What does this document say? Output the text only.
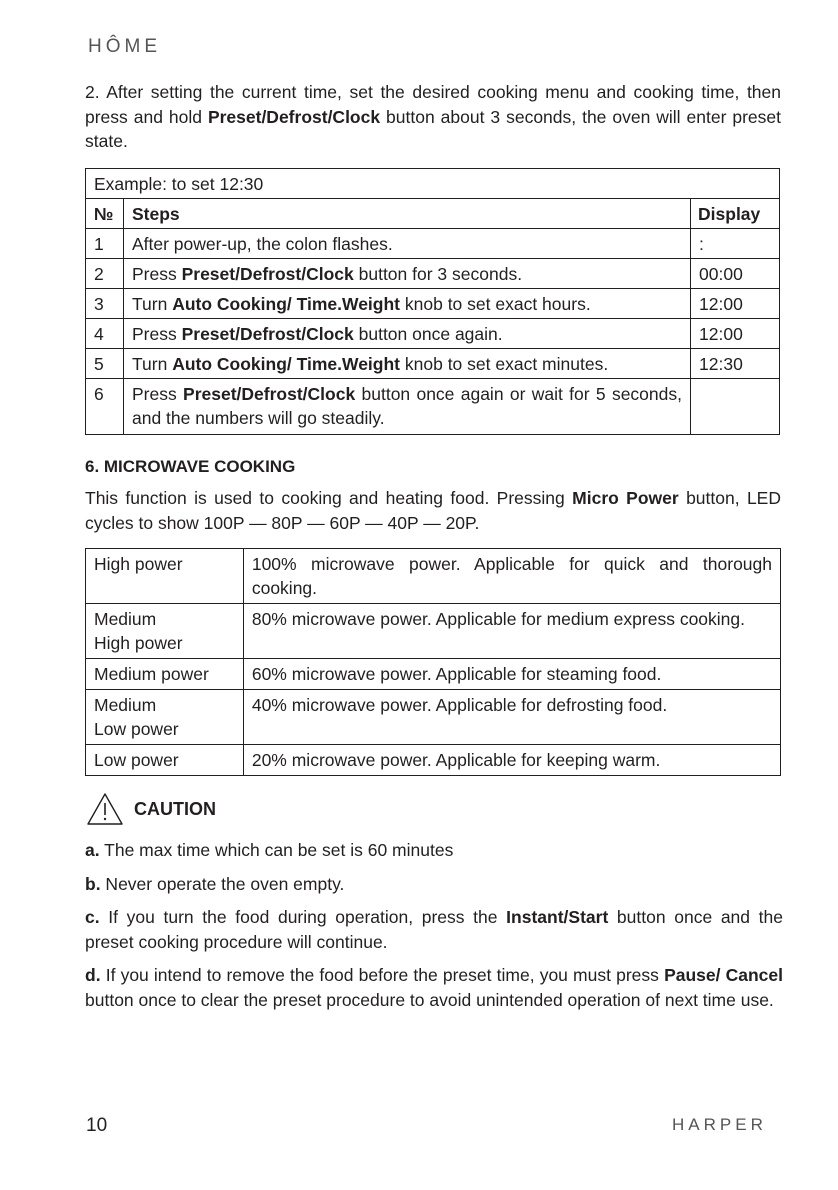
HÔME

2. After setting the current time, set the desired cooking menu and cooking time, then press and hold Preset/Defrost/Clock button about 3 seconds, the oven will enter preset state.

Example: to set 12:30		
№	Steps	Display
1	After power-up, the colon flashes.	:
2	Press Preset/Defrost/Clock button for 3 seconds.	00:00
3	Turn Auto Cooking/ Time.Weight knob to set exact hours.	12:00
4	Press Preset/Defrost/Clock button once again.	12:00
5	Turn Auto Cooking/ Time.Weight knob to set exact minutes.	12:30
6	Press Preset/Defrost/Clock button once again or wait for 5 seconds, and the numbers will go steadily.	
6. MICROWAVE COOKING

This function is used to cooking and heating food. Pressing Micro Power button, LED cycles to show 100P — 80P — 60P — 40P — 20P.

High power	100% microwave power. Applicable for quick and thorough cooking.
Medium
High power	80% microwave power. Applicable for medium express cooking.
Medium power	60% microwave power. Applicable for steaming food.
Medium
Low power	40% microwave power. Applicable for defrosting food.
Low power	20% microwave power. Applicable for keeping warm.
CAUTION

a. The max time which can be set is 60 minutes

b. Never operate the oven empty.

c. If you turn the food during operation, press the Instant/Start button once and the preset cooking procedure will continue.

d. If you intend to remove the food before the preset time, you must press Pause/ Cancel button once to clear the preset procedure to avoid unintended operation of next time use.

10	HARPER
